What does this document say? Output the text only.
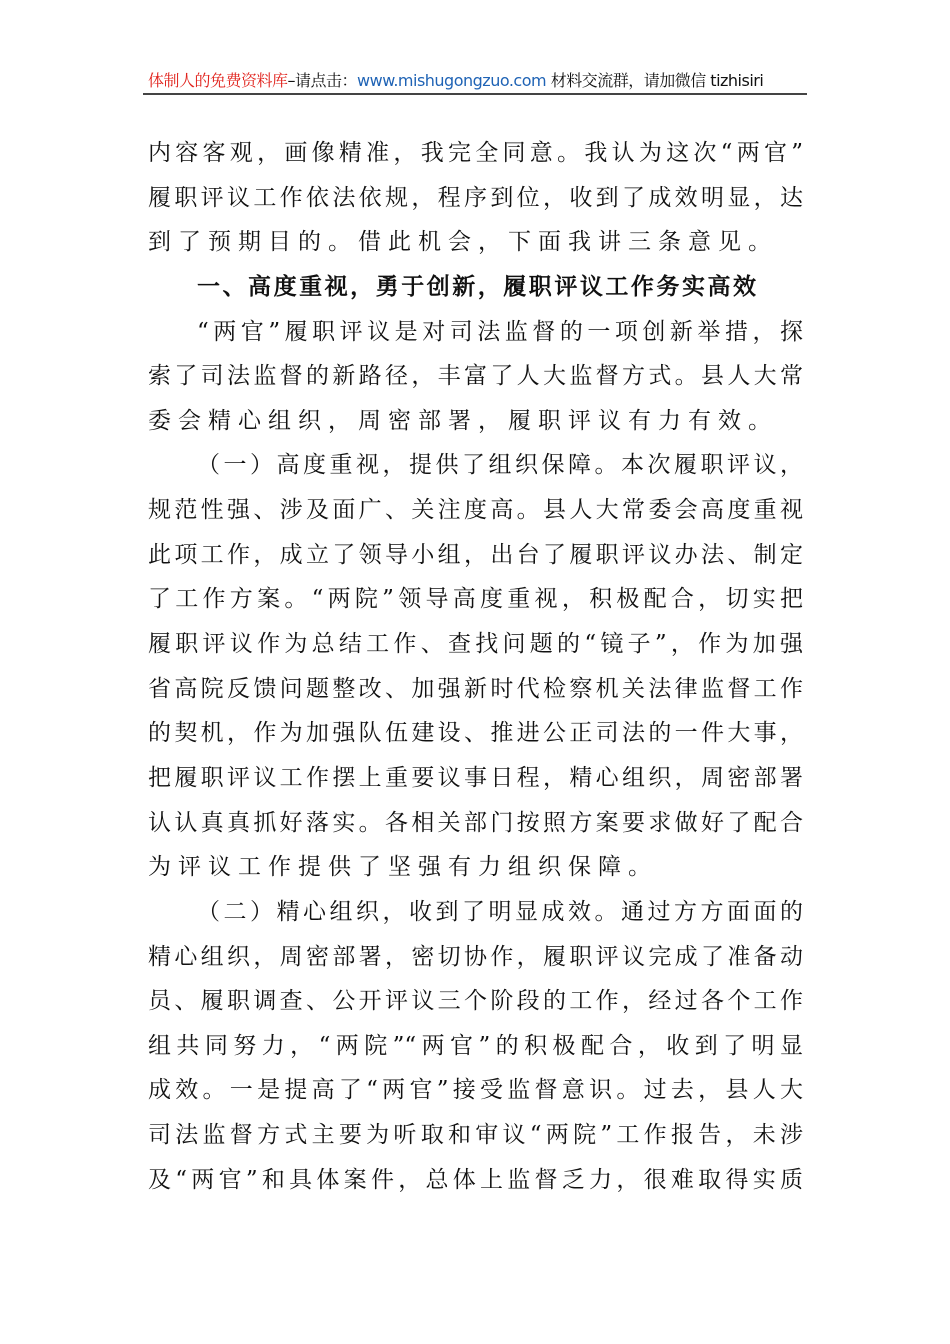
体制人的免费资料库–请点击：www.mishugongzuo.com 材料交流群，请加微信 tizhisiri
内容客观，画像精准，我完全同意。我认为这次“两官”
履职评议工作依法依规，程序到位，收到了成效明显，达
到了预期目的。借此机会，下面我讲三条意见。
一、高度重视，勇于创新，履职评议工作务实高效
“两官”履职评议是对司法监督的一项创新举措，探
索了司法监督的新路径，丰富了人大监督方式。县人大常
委会精心组织，周密部署，履职评议有力有效。
（一）高度重视，提供了组织保障。本次履职评议，
规范性强、涉及面广、关注度高。县人大常委会高度重视
此项工作，成立了领导小组，出台了履职评议办法、制定
了工作方案。“两院”领导高度重视，积极配合，切实把
履职评议作为总结工作、查找问题的“镜子”，作为加强
省高院反馈问题整改、加强新时代检察机关法律监督工作
的契机，作为加强队伍建设、推进公正司法的一件大事，
把履职评议工作摆上重要议事日程，精心组织，周密部署
认认真真抓好落实。各相关部门按照方案要求做好了配合
为评议工作提供了坚强有力组织保障。
（二）精心组织，收到了明显成效。通过方方面面的
精心组织，周密部署，密切协作，履职评议完成了准备动
员、履职调查、公开评议三个阶段的工作，经过各个工作
组共同努力，“两院”“两官”的积极配合，收到了明显
成效。一是提高了“两官”接受监督意识。过去，县人大
司法监督方式主要为听取和审议“两院”工作报告，未涉
及“两官”和具体案件，总体上监督乏力，很难取得实质
